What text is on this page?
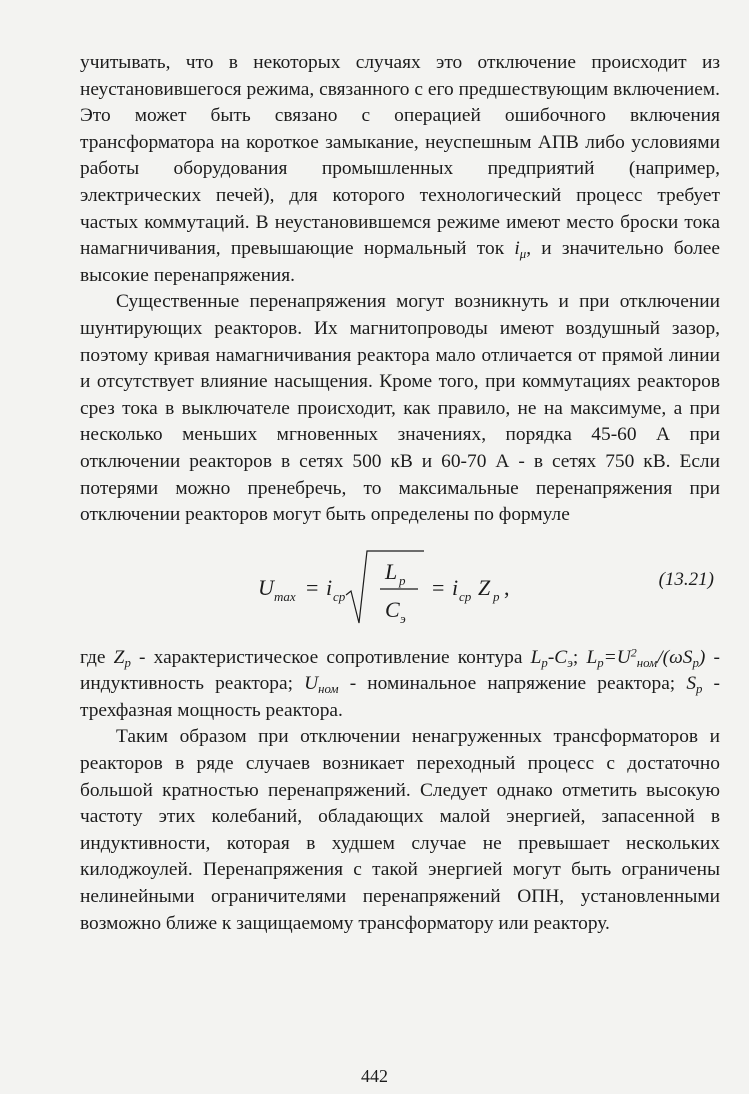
учитывать, что в некоторых случаях это отключение происходит из неустановившегося режима, связанного с его предшествующим включением. Это может быть связано с операцией ошибочного включения трансформатора на короткое замыкание, неуспешным АПВ либо условиями работы оборудования промышленных предприятий (например, электрических печей), для которого технологический процесс требует частых коммутаций. В неустановившемся режиме имеют место броски тока намагничивания, превышающие нормальный ток $i_\mu$, и значительно более высокие перенапряжения.

Существенные перенапряжения могут возникнуть и при отключении шунтирующих реакторов. Их магнитопроводы имеют воздушный зазор, поэтому кривая намагничивания реактора мало отличается от прямой линии и отсутствует влияние насыщения. Кроме того, при коммутациях реакторов срез тока в выключателе происходит, как правило, не на максимуме, а при несколько меньших мгновенных значениях, порядка 45-60 А при отключении реакторов в сетях 500 кВ и 60-70 А - в сетях 750 кВ. Если потерями можно пренебречь, то максимальные перенапряжения при отключении реакторов могут быть определены по формуле

U max = i ср
L р
C э
= i ср Z р ,	(13.21)

где $Z_р$ - характеристическое сопротивление контура $L_р-C_э$; $L_р=U^2_{ном}/(\omega S_р)$ - индуктивность реактора; $U_{ном}$ - номинальное напряжение реактора; $S_р$ - трехфазная мощность реактора.

Таким образом при отключении ненагруженных трансформаторов и реакторов в ряде случаев возникает переходный процесс с достаточно большой кратностью перенапряжений. Следует однако отметить высокую частоту этих колебаний, обладающих малой энергией, запасенной в индуктивности, которая в худшем случае не превышает нескольких килоджоулей. Перенапряжения с такой энергией могут быть ограничены нелинейными ограничителями перенапряжений ОПН, установленными возможно ближе к защищаемому трансформатору или реактору.

442
